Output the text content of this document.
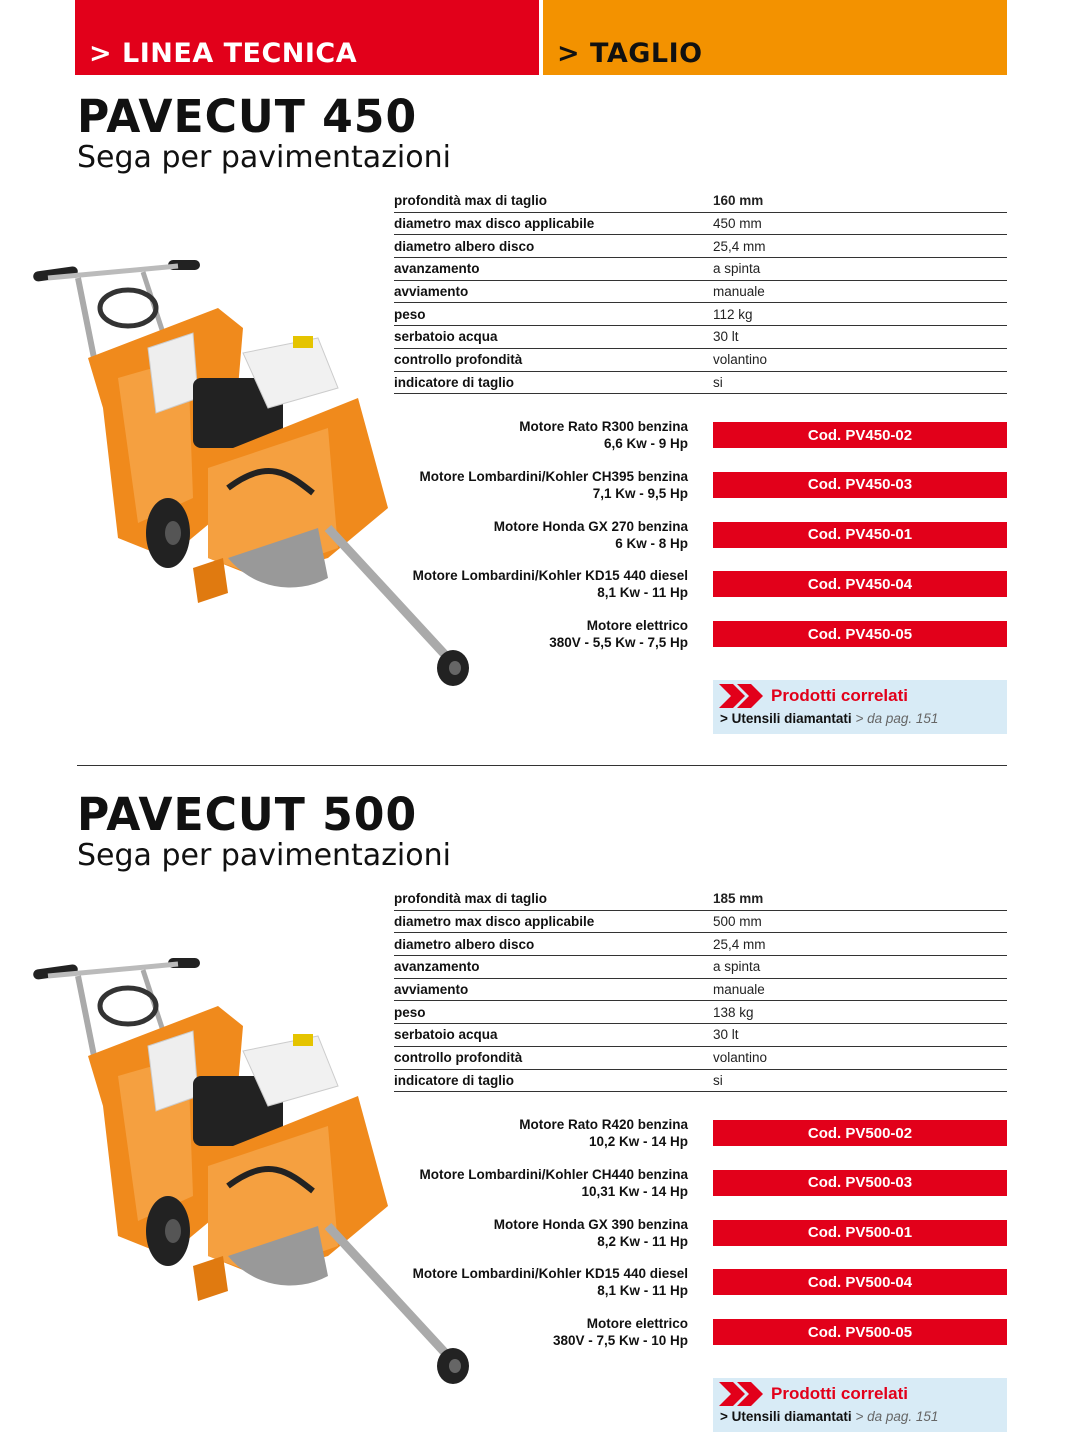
> LINEA TECNICA	> TAGLIO
PAVECUT 450
Sega per pavimentazioni
profondità max di taglio	160 mm
diametro max disco applicabile	450 mm
diametro albero disco	25,4 mm
avanzamento	a spinta
avviamento	manuale
peso	112 kg
serbatoio acqua	30 lt
controllo profondità	volantino
indicatore di taglio	si
Motore Rato R300 benzina
6,6 Kw - 9 Hp	Cod. PV450-02
Motore Lombardini/Kohler CH395 benzina
7,1 Kw - 9,5 Hp	Cod. PV450-03
Motore Honda GX 270 benzina
6 Kw - 8 Hp	Cod. PV450-01
Motore Lombardini/Kohler KD15 440 diesel
8,1 Kw - 11 Hp	Cod. PV450-04
Motore elettrico
380V - 5,5 Kw - 7,5 Hp	Cod. PV450-05
Prodotti correlati
> Utensili diamantati > da pag. 151
PAVECUT 500
Sega per pavimentazioni
profondità max di taglio	185 mm
diametro max disco applicabile	500 mm
diametro albero disco	25,4 mm
avanzamento	a spinta
avviamento	manuale
peso	138 kg
serbatoio acqua	30 lt
controllo profondità	volantino
indicatore di taglio	si
Motore Rato R420 benzina
10,2 Kw - 14 Hp	Cod. PV500-02
Motore Lombardini/Kohler CH440 benzina
10,31 Kw - 14 Hp	Cod. PV500-03
Motore Honda GX 390 benzina
8,2 Kw - 11 Hp	Cod. PV500-01
Motore Lombardini/Kohler KD15 440 diesel
8,1 Kw - 11 Hp	Cod. PV500-04
Motore elettrico
380V - 7,5 Kw - 10 Hp	Cod. PV500-05
Prodotti correlati
> Utensili diamantati > da pag. 151
